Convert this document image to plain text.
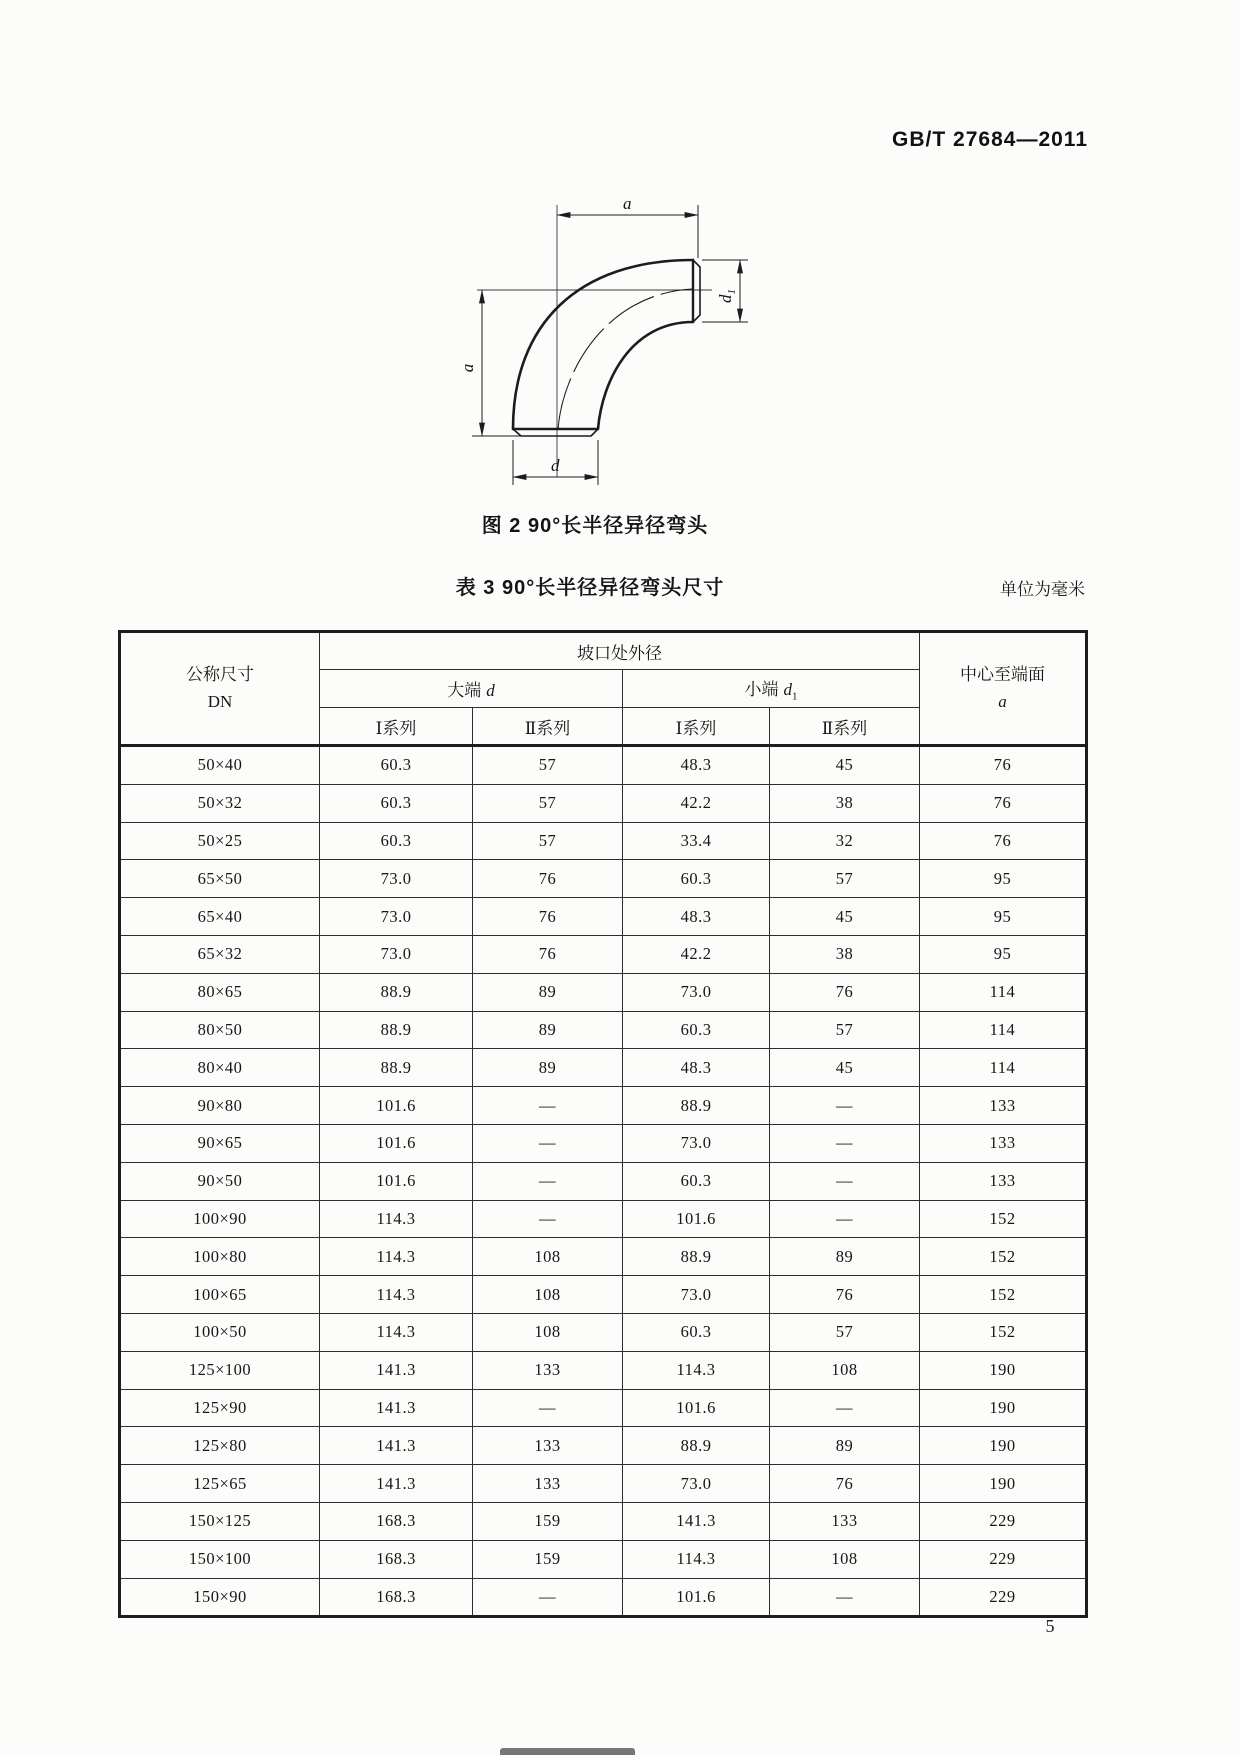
GB/T 27684—2011
a
a
d
$d_1$
图 2 90°长半径异径弯头
表 3 90°长半径异径弯头尺寸	单位为毫米
公称尺寸
DN
	坡口处外径	
中心至端面
a

	大端 d		小端 $d_1$
	Ⅰ系列	Ⅱ系列	Ⅰ系列	Ⅱ系列	
50×40	60.3	57	48.3	45	76
50×32	60.3	57	42.2	38	76
50×25	60.3	57	33.4	32	76
65×50	73.0	76	60.3	57	95
65×40	73.0	76	48.3	45	95
65×32	73.0	76	42.2	38	95
80×65	88.9	89	73.0	76	114
80×50	88.9	89	60.3	57	114
80×40	88.9	89	48.3	45	114
90×80	101.6	—	88.9	—	133
90×65	101.6	—	73.0	—	133
90×50	101.6	—	60.3	—	133
100×90	114.3	—	101.6	—	152
100×80	114.3	108	88.9	89	152
100×65	114.3	108	73.0	76	152
100×50	114.3	108	60.3	57	152
125×100	141.3	133	114.3	108	190
125×90	141.3	—	101.6	—	190
125×80	141.3	133	88.9	89	190
125×65	141.3	133	73.0	76	190
150×125	168.3	159	141.3	133	229
150×100	168.3	159	114.3	108	229
150×90	168.3	—	101.6	—	229
5
